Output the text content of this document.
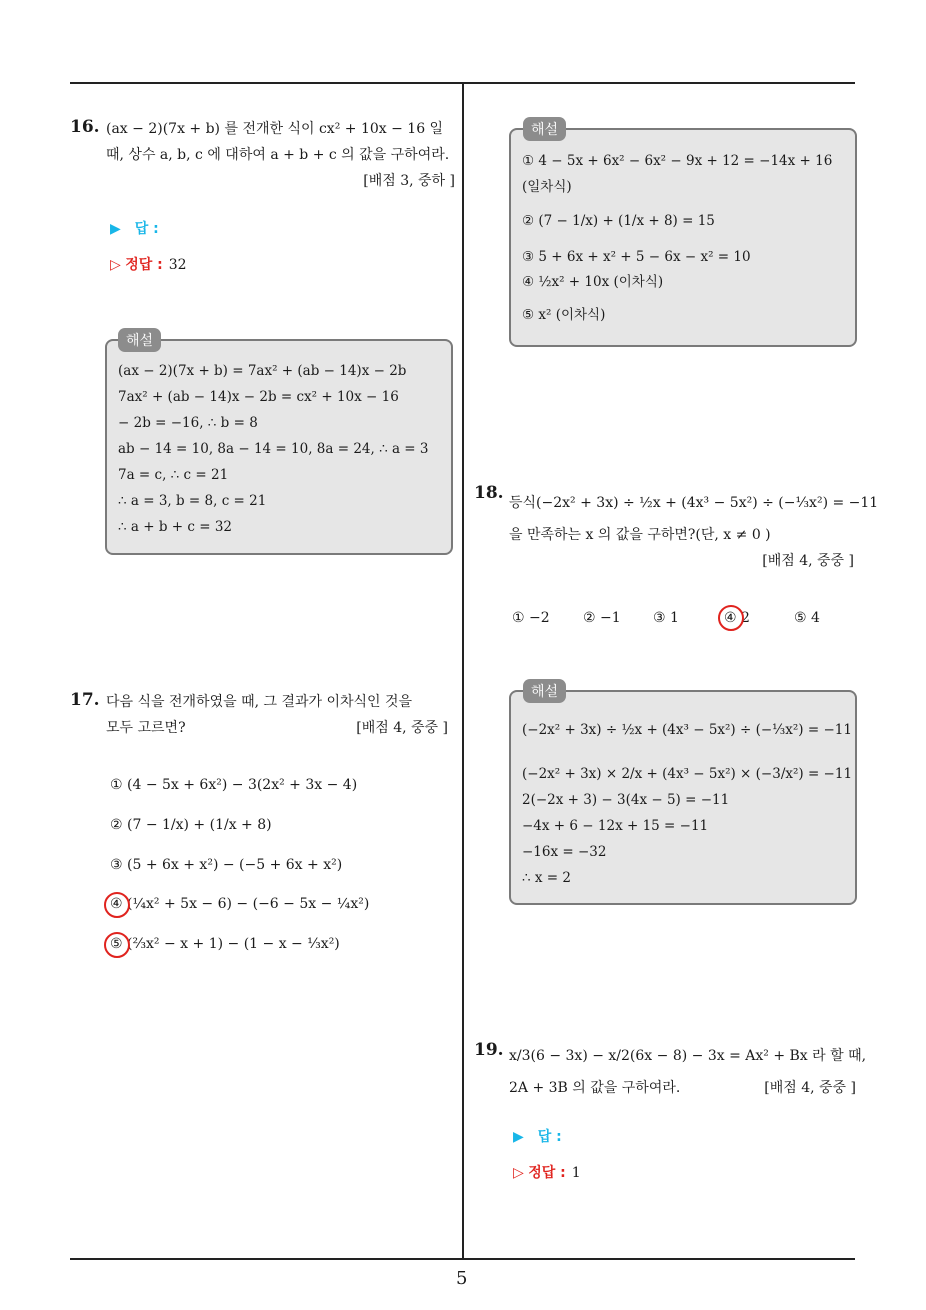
16. (ax − 2)(7x + b) 를 전개한 식이 cx² + 10x − 16 일
때, 상수 a, b, c 에 대하여 a + b + c 의 값을 구하여라.
[배점 3, 중하 ]
▶ 답 :
▷ 정답 : 32
해설
(ax − 2)(7x + b) = 7ax² + (ab − 14)x − 2b
7ax² + (ab − 14)x − 2b = cx² + 10x − 16
− 2b = −16, ∴ b = 8
ab − 14 = 10, 8a − 14 = 10, 8a = 24, ∴ a = 3
7a = c, ∴ c = 21
∴ a = 3, b = 8, c = 21
∴ a + b + c = 32
17. 다음 식을 전개하였을 때, 그 결과가 이차식인 것을
모두 고르면?	[배점 4, 중중 ]
① (4 − 5x + 6x²) − 3(2x² + 3x − 4)
② (7 − 1/x) + (1/x + 8)
③ (5 + 6x + x²) − (−5 + 6x + x²)
④ (¼x² + 5x − 6) − (−6 − 5x − ¼x²)
⑤ (⅔x² − x + 1) − (1 − x − ⅓x²)
해설
① 4 − 5x + 6x² − 6x² − 9x + 12 = −14x + 16
(일차식)
② (7 − 1/x) + (1/x + 8) = 15
③ 5 + 6x + x² + 5 − 6x − x² = 10
④ ½x² + 10x (이차식)
⑤ x² (이차식)
18. 등식(−2x² + 3x) ÷ ½x + (4x³ − 5x²) ÷ (−⅓x²) = −11
을 만족하는 x 의 값을 구하면?(단, x ≠ 0 )
[배점 4, 중중 ]
① −2 ② −1 ③ 1	④ 2	⑤ 4
해설
(−2x² + 3x) ÷ ½x + (4x³ − 5x²) ÷ (−⅓x²) = −11
(−2x² + 3x) × 2/x + (4x³ − 5x²) × (−3/x²) = −11
2(−2x + 3) − 3(4x − 5) = −11
−4x + 6 − 12x + 15 = −11
−16x = −32
∴ x = 2
19. x/3(6 − 3x) − x/2(6x − 8) − 3x = Ax² + Bx 라 할 때,
2A + 3B 의 값을 구하여라.	[배점 4, 중중 ]
▶ 답 :
▷ 정답 : 1
5
